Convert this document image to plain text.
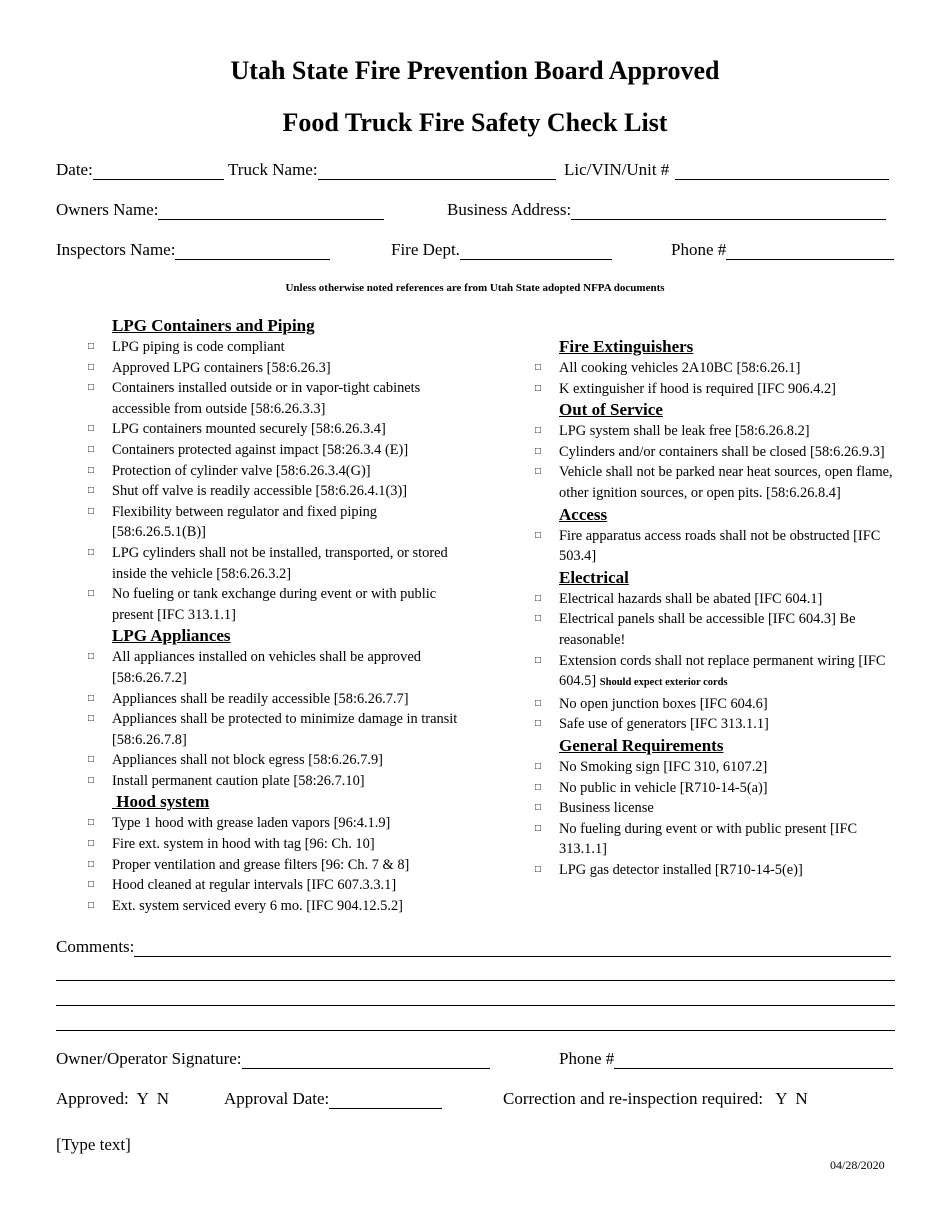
Utah State Fire Prevention Board Approved
Food Truck Fire Safety Check List
Date:	Truck Name:	Lic/VIN/Unit #
Owners Name:	Business Address:
Inspectors Name:	Fire Dept.	Phone #
Unless otherwise noted references are from Utah State adopted NFPA documents
LPG Containers and Piping
□	LPG piping is code compliant
□	Approved LPG containers [58:6.26.3]
□	Containers installed outside or in vapor-tight cabinets accessible from outside [58:6.26.3.3]
□	LPG containers mounted securely [58:6.26.3.4]
□	Containers protected against impact [58:26.3.4 (E)]
□	Protection of cylinder valve [58:6.26.3.4(G)]
□	Shut off valve is readily accessible [58:6.26.4.1(3)]
□	Flexibility between regulator and fixed piping [58:6.26.5.1(B)]
□	LPG cylinders shall not be installed, transported, or stored inside the vehicle [58:6.26.3.2]
□	No fueling or tank exchange during event or with public present [IFC 313.1.1]
LPG Appliances
□	All appliances installed on vehicles shall be approved [58:6.26.7.2]
□	Appliances shall be readily accessible [58:6.26.7.7]
□	Appliances shall be protected to minimize damage in transit [58:6.26.7.8]
□	Appliances shall not block egress [58:6.26.7.9]
□	Install permanent caution plate [58:26.7.10]
Hood system
□	Type 1 hood with grease laden vapors [96:4.1.9]
□	Fire ext. system in hood with tag [96: Ch. 10]
□	Proper ventilation and grease filters [96: Ch. 7 & 8]
□	Hood cleaned at regular intervals [IFC 607.3.3.1]
□	Ext. system serviced every 6 mo. [IFC 904.12.5.2]
Fire Extinguishers
□	All cooking vehicles 2A10BC [58:6.26.1]
□	K extinguisher if hood is required [IFC 906.4.2]
Out of Service
□	LPG system shall be leak free [58:6.26.8.2]
□	Cylinders and/or containers shall be closed [58:6.26.9.3]
□	Vehicle shall not be parked near heat sources, open flame, other ignition sources, or open pits. [58:6.26.8.4]
Access
□	Fire apparatus access roads shall not be obstructed [IFC 503.4]
Electrical
□	Electrical hazards shall be abated [IFC 604.1]
□	Electrical panels shall be accessible [IFC 604.3] Be reasonable!
□	Extension cords shall not replace permanent wiring [IFC 604.5] Should expect exterior cords
□	No open junction boxes [IFC 604.6]
□	Safe use of generators [IFC 313.1.1]
General Requirements
□	No Smoking sign [IFC 310, 6107.2]
□	No public in vehicle [R710-14-5(a)]
□	Business license
□	No fueling during event or with public present [IFC 313.1.1]
□	LPG gas detector installed [R710-14-5(e)]
Comments:
Owner/Operator Signature:	Phone #
Approved:  Y  N	Approval Date:	Correction and re-inspection required:   Y  N
[Type text]
04/28/2020
